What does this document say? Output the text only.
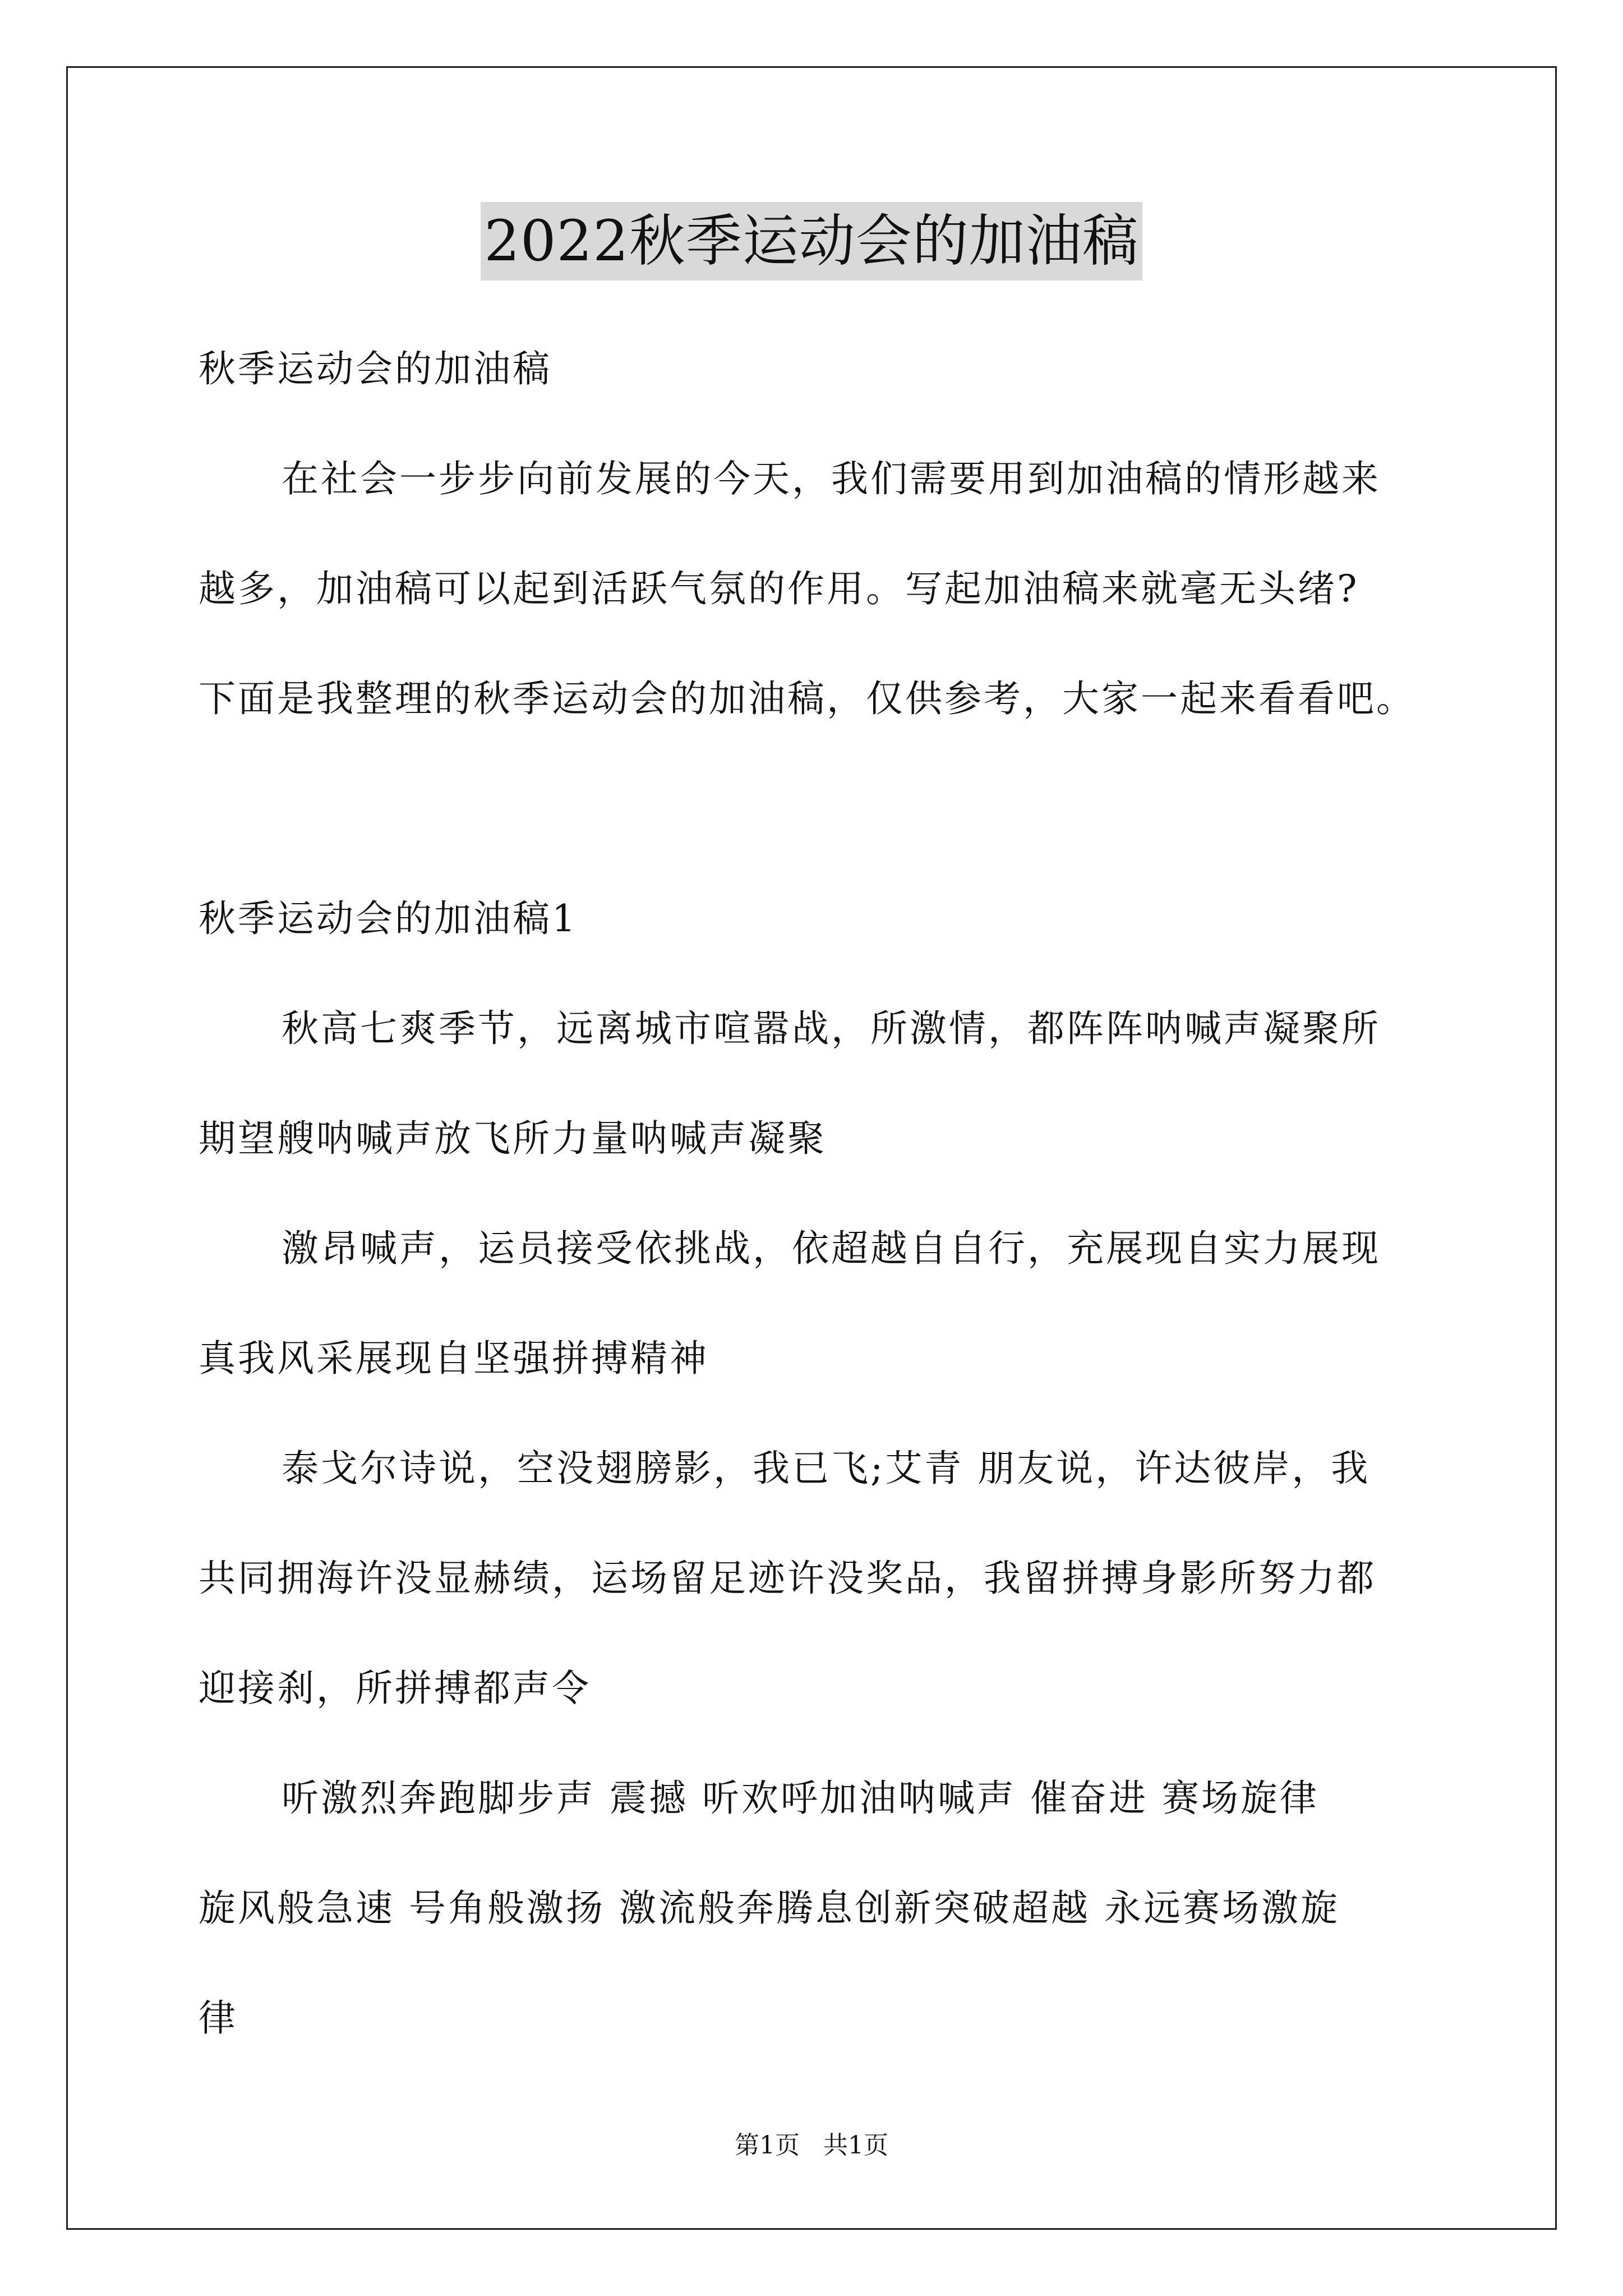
2022秋季运动会的加油稿

秋季运动会的加油稿

在社会一步步向前发展的今天，我们需要用到加油稿的情形越来
越多，加油稿可以起到活跃气氛的作用。写起加油稿来就毫无头绪?
下面是我整理的秋季运动会的加油稿，仅供参考，大家一起来看看吧。

秋季运动会的加油稿1

秋高七爽季节，远离城市喧嚣战，所激情，都阵阵呐喊声凝聚所
期望艘呐喊声放飞所力量呐喊声凝聚

激昂喊声，运员接受依挑战，依超越自自行，充展现自实力展现
真我风采展现自坚强拼搏精神

泰戈尔诗说，空没翅膀影，我已飞;艾青 朋友说，许达彼岸，我
共同拥海许没显赫绩，运场留足迹许没奖品，我留拼搏身影所努力都
迎接刹，所拼搏都声令

听激烈奔跑脚步声 震撼 听欢呼加油呐喊声 催奋进 赛场旋律
旋风般急速 号角般激扬 激流般奔腾息创新突破超越 永远赛场激旋
律

第1页 共1页
